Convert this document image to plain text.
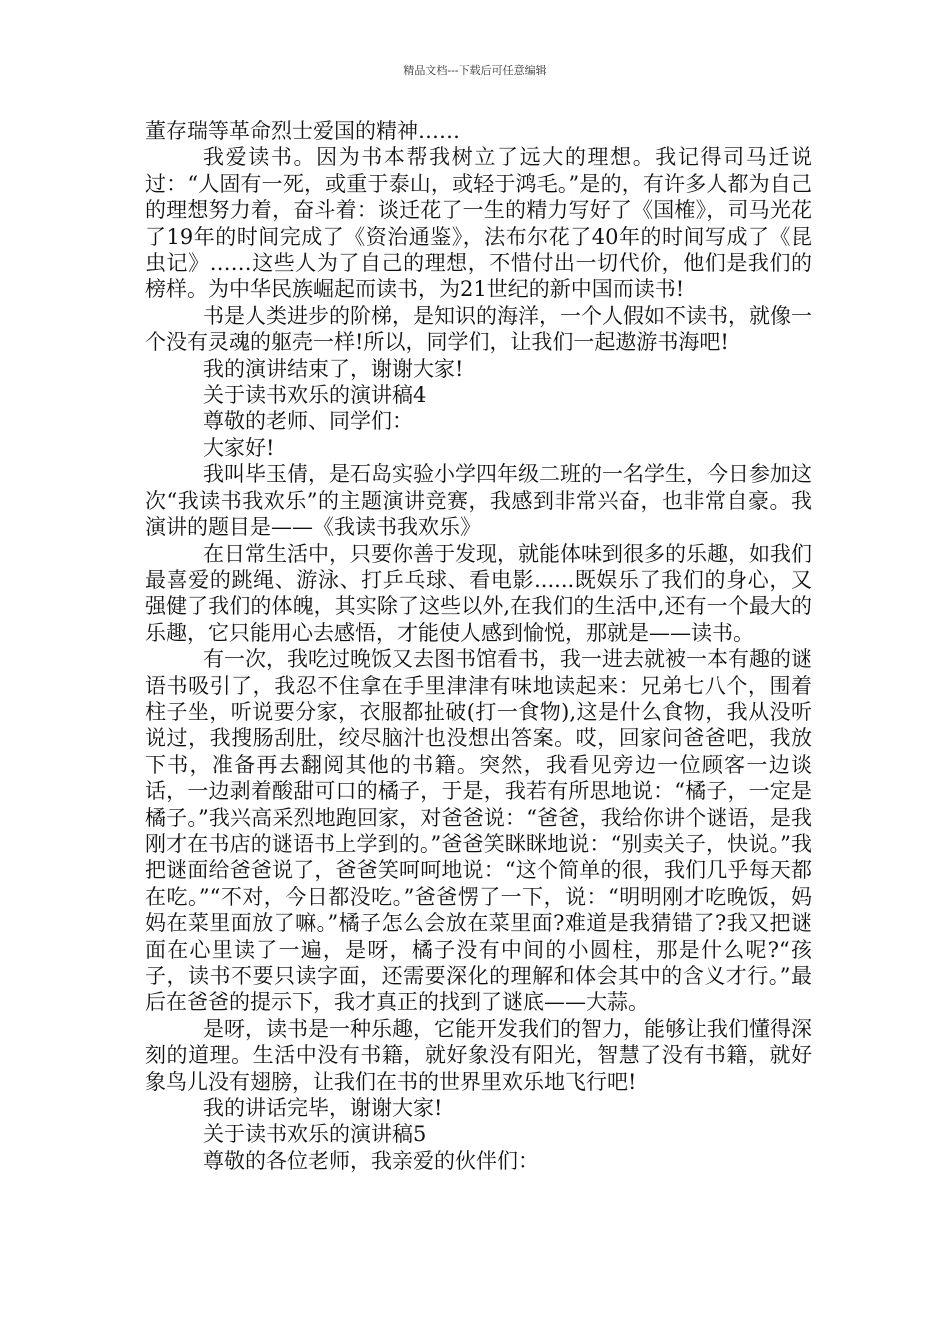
精品文档---下载后可任意编辑

董存瑞等革命烈士爱国的精神……

我爱读书。因为书本帮我树立了远大的理想。我记得司马迁说过：“人固有一死，或重于泰山，或轻于鸿毛。”是的，有许多人都为自己的理想努力着，奋斗着：谈迁花了一生的精力写好了《国榷》，司马光花了19年的时间完成了《资治通鉴》，法布尔花了40年的时间写成了《昆虫记》……这些人为了自己的理想，不惜付出一切代价，他们是我们的榜样。为中华民族崛起而读书，为21世纪的新中国而读书!

书是人类进步的阶梯，是知识的海洋，一个人假如不读书，就像一个没有灵魂的躯壳一样!所以，同学们，让我们一起遨游书海吧!

我的演讲结束了，谢谢大家!

关于读书欢乐的演讲稿4

尊敬的老师、同学们：

大家好!

我叫毕玉倩，是石岛实验小学四年级二班的一名学生，今日参加这次“我读书我欢乐”的主题演讲竞赛，我感到非常兴奋，也非常自豪。我演讲的题目是——《我读书我欢乐》

在日常生活中，只要你善于发现，就能体味到很多的乐趣，如我们最喜爱的跳绳、游泳、打乒乓球、看电影......既娱乐了我们的身心，又强健了我们的体魄，其实除了这些以外,在我们的生活中,还有一个最大的乐趣，它只能用心去感悟，才能使人感到愉悦，那就是——读书。

有一次，我吃过晚饭又去图书馆看书，我一进去就被一本有趣的谜语书吸引了，我忍不住拿在手里津津有味地读起来：兄弟七八个，围着柱子坐，听说要分家，衣服都扯破(打一食物),这是什么食物，我从没听说过，我搜肠刮肚，绞尽脑汁也没想出答案。哎，回家问爸爸吧，我放下书，准备再去翻阅其他的书籍。突然，我看见旁边一位顾客一边谈话，一边剥着酸甜可口的橘子，于是，我若有所思地说：“橘子，一定是橘子。”我兴高采烈地跑回家，对爸爸说：“爸爸，我给你讲个谜语，是我刚才在书店的谜语书上学到的。”爸爸笑眯眯地说：“别卖关子，快说。”我把谜面给爸爸说了，爸爸笑呵呵地说：“这个简单的很，我们几乎每天都在吃。”“不对，今日都没吃。”爸爸愣了一下，说：“明明刚才吃晚饭，妈妈在菜里面放了嘛。”橘子怎么会放在菜里面?难道是我猜错了?我又把谜面在心里读了一遍，是呀，橘子没有中间的小圆柱，那是什么呢?“孩子，读书不要只读字面，还需要深化的理解和体会其中的含义才行。”最后在爸爸的提示下，我才真正的找到了谜底——大蒜。

是呀，读书是一种乐趣，它能开发我们的智力，能够让我们懂得深刻的道理。生活中没有书籍，就好象没有阳光，智慧了没有书籍，就好象鸟儿没有翅膀，让我们在书的世界里欢乐地飞行吧!

我的讲话完毕，谢谢大家!

关于读书欢乐的演讲稿5

尊敬的各位老师，我亲爱的伙伴们：
